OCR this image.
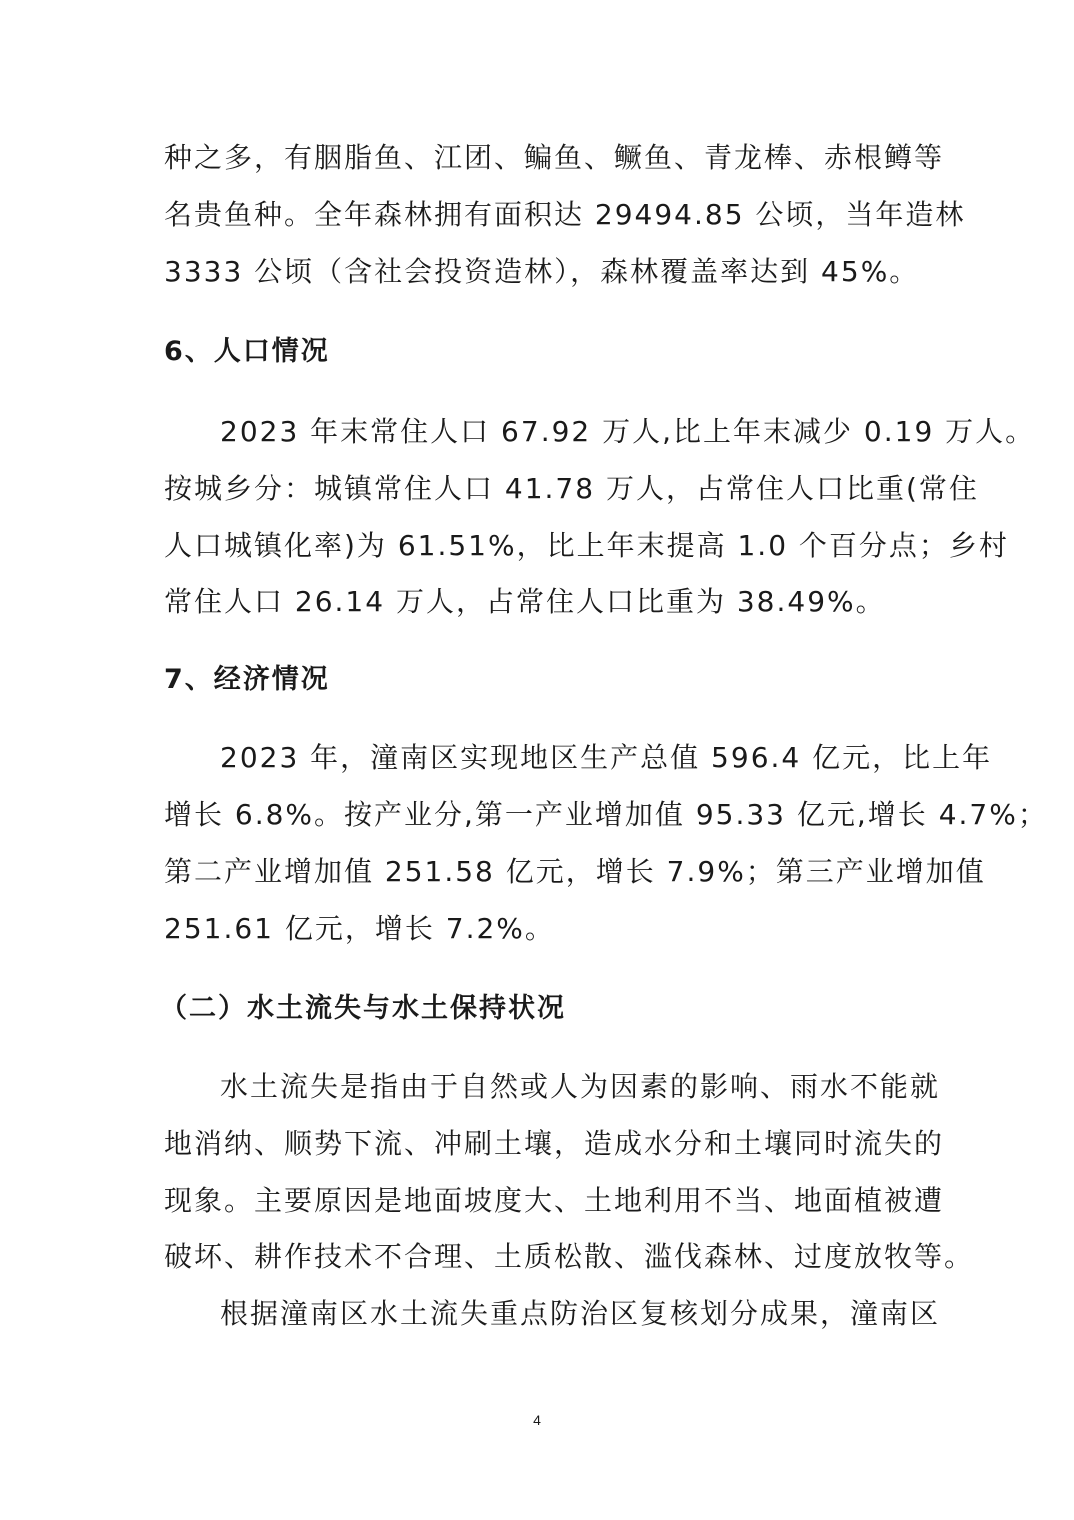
种之多，有胭脂鱼、江团、鳊鱼、鳜鱼、青龙棒、赤根鳟等
名贵鱼种。全年森林拥有面积达 29494.85 公顷，当年造林
3333 公顷（含社会投资造林），森林覆盖率达到 45%。
6、人口情况
2023 年末常住人口 67.92 万人,比上年末减少 0.19 万人。
按城乡分：城镇常住人口 41.78 万人，占常住人口比重(常住
人口城镇化率)为 61.51%，比上年末提高 1.0 个百分点；乡村
常住人口 26.14 万人，占常住人口比重为 38.49%。
7、经济情况
2023 年，潼南区实现地区生产总值 596.4 亿元，比上年
增长 6.8%。按产业分,第一产业增加值 95.33 亿元,增长 4.7%；
第二产业增加值 251.58 亿元，增长 7.9%；第三产业增加值
251.61 亿元，增长 7.2%。
（二）水土流失与水土保持状况
水土流失是指由于自然或人为因素的影响、雨水不能就
地消纳、顺势下流、冲刷土壤，造成水分和土壤同时流失的
现象。主要原因是地面坡度大、土地利用不当、地面植被遭
破坏、耕作技术不合理、土质松散、滥伐森林、过度放牧等。
根据潼南区水土流失重点防治区复核划分成果，潼南区
4
